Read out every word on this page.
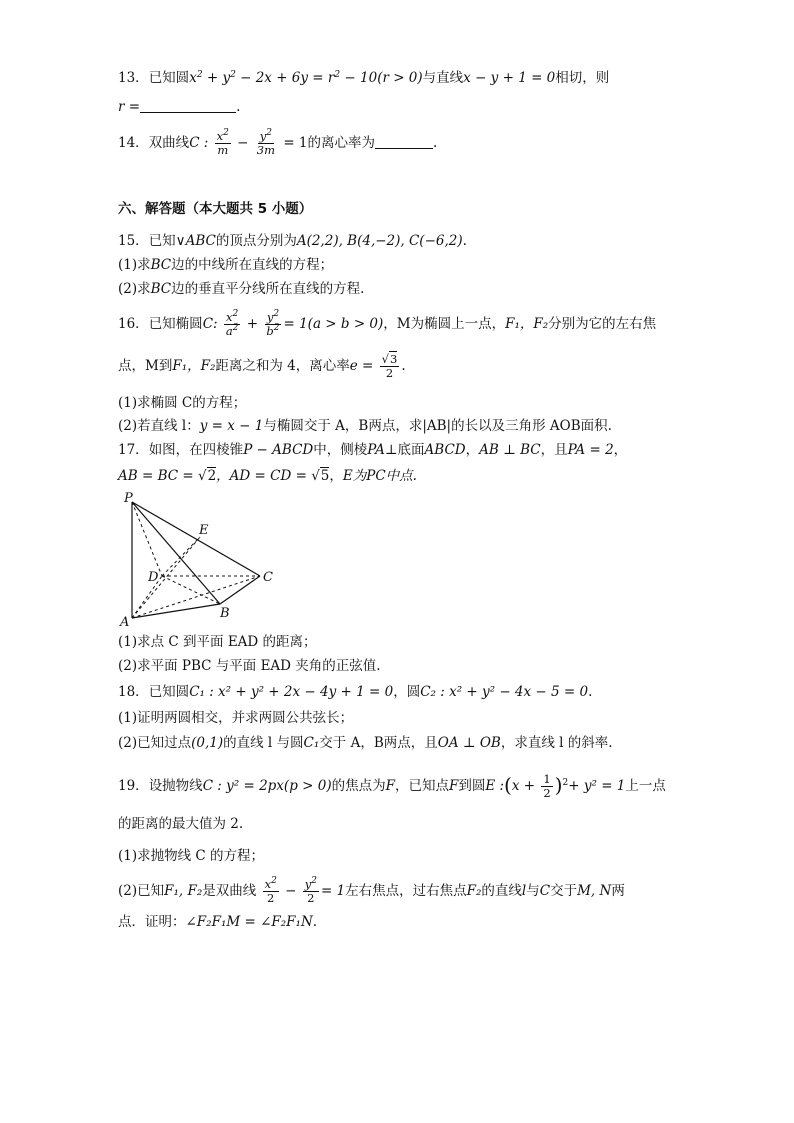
13．已知圆$x^2 + y^2 - 2x + 6y = r^2 - 10(r > 0)$与直线x − y + 1 = 0相切，则
r =	.
14．双曲线C : $\frac{x^2}{m} - \frac{y^2}{3m} = 1$的离心率为	.
六、解答题（本大题共 5 小题）
15．已知∨ABC的顶点分别为A(2,2), B(4,−2), C(−6,2).
(1)求BC边的中线所在直线的方程；
(2)求BC边的垂直平分线所在直线的方程.
16．已知椭圆C: $\frac{x^2}{a^2} + \frac{y^2}{b^2} = 1(a > b > 0)$，M为椭圆上一点，F₁，F₂分别为它的左右焦
点，M到F₁，F₂距离之和为 4，离心率$e = \frac{√3}{2}$ .
(1)求椭圆 C的方程；
(2)若直线 l：y = x − 1与椭圆交于 A，B两点，求|AB|的长以及三角形 AOB面积.
17．如图，在四棱锥P − ABCD中，侧棱PA⊥底面ABCD，AB ⊥ BC，且PA = 2，
AB = BC = √2，AD = CD = √5，E为PC中点.
P
E
D	C
A
B
(1)求点 C 到平面 EAD 的距离；
(2)求平面 PBC 与平面 EAD 夹角的正弦值.
18．已知圆C₁ : x² + y² + 2x − 4y + 1 = 0，圆C₂ : x² + y² − 4x − 5 = 0.
(1)证明两圆相交，并求两圆公共弦长；
(2)已知过点(0,1)的直线 l 与圆C₁交于 A，B两点，且OA ⊥ OB，求直线 l 的斜率.
19．设抛物线C : y² = 2px(p > 0)的焦点为F，已知点F到圆E :(x + $\frac{1}{2} )^2+ y^2 = 1$上一点
的距离的最大值为 2.
(1)求抛物线 C 的方程；
(2)已知F₁, F₂是双曲线 $\frac{x^2}{2} - \frac{y^2}{2} = 1$左右焦点，过右焦点F₂的直线l与C交于M, N两
点．证明：∠F₂F₁M = ∠F₂F₁N.
